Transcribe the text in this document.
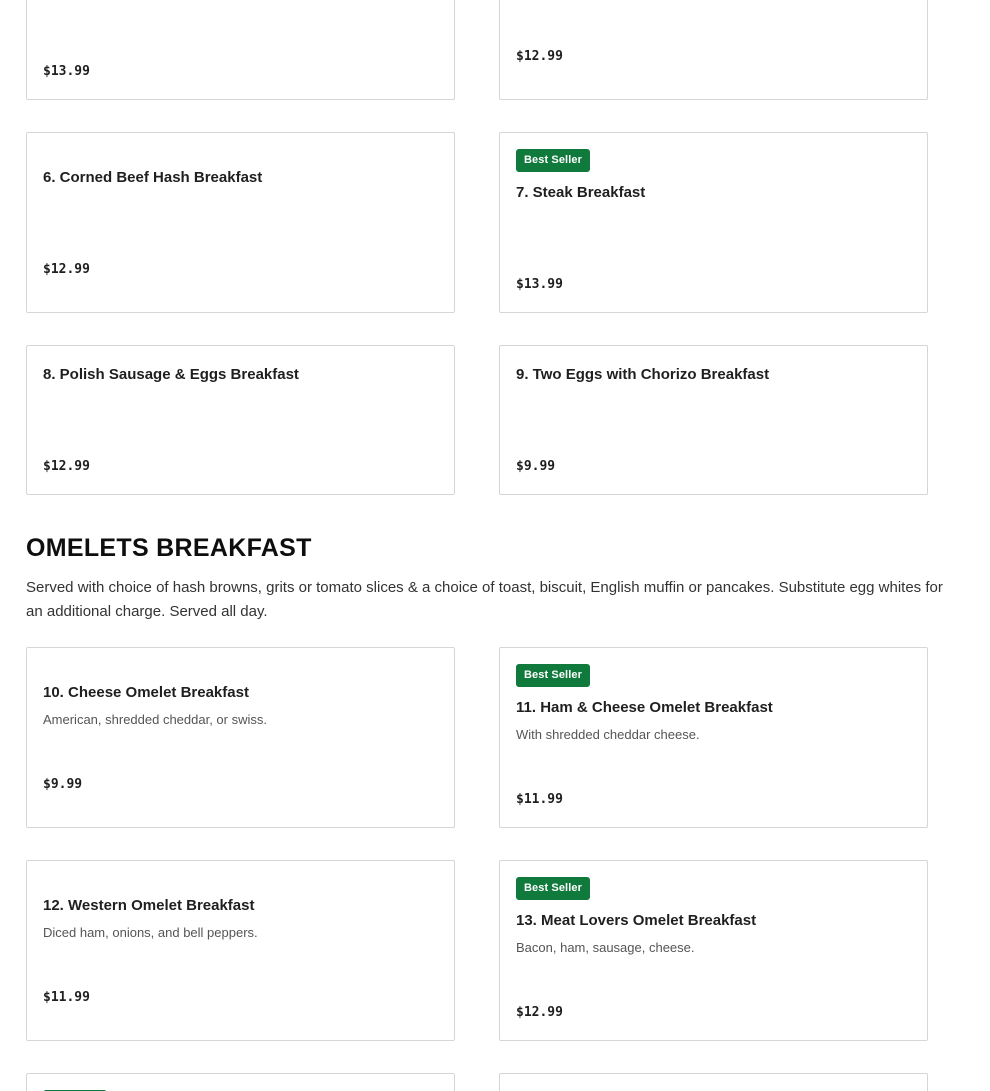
$13.99
$12.99
6. Corned Beef Hash Breakfast
$12.99
Best Seller
7. Steak Breakfast
$13.99
8. Polish Sausage & Eggs Breakfast
$12.99
9. Two Eggs with Chorizo Breakfast
$9.99
OMELETS BREAKFAST

Served with choice of hash browns, grits or tomato slices & a choice of toast, biscuit, English muffin or pancakes. Substitute egg whites for an additional charge. Served all day.

10. Cheese Omelet Breakfast
American, shredded cheddar, or swiss.
$9.99
Best Seller
11. Ham & Cheese Omelet Breakfast
With shredded cheddar cheese.
$11.99
12. Western Omelet Breakfast
Diced ham, onions, and bell peppers.
$11.99
Best Seller
13. Meat Lovers Omelet Breakfast
Bacon, ham, sausage, cheese.
$12.99
